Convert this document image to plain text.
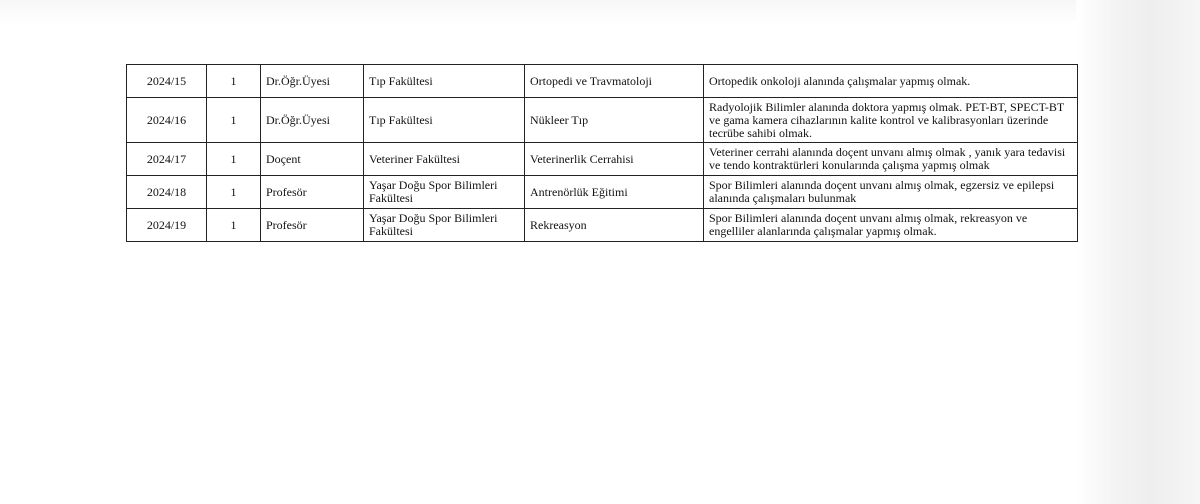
2024/15	1	Dr.Öğr.Üyesi	Tıp Fakültesi	Ortopedi ve Travmatoloji	Ortopedik onkoloji alanında çalışmalar yapmış olmak.
2024/16	1	Dr.Öğr.Üyesi	Tıp Fakültesi	Nükleer Tıp	Radyolojik Bilimler alanında doktora yapmış olmak. PET-BT, SPECT-BT ve gama kamera cihazlarının kalite kontrol ve kalibrasyonları üzerinde tecrübe sahibi olmak.
2024/17	1	Doçent	Veteriner Fakültesi	Veterinerlik Cerrahisi	Veteriner cerrahi alanında doçent unvanı almış olmak , yanık yara tedavisi ve tendo kontraktürleri konularında çalışma yapmış olmak
2024/18	1	Profesör	Yaşar Doğu Spor Bilimleri Fakültesi	Antrenörlük Eğitimi	Spor Bilimleri alanında doçent unvanı almış olmak, egzersiz ve epilepsi alanında çalışmaları bulunmak
2024/19	1	Profesör	Yaşar Doğu Spor Bilimleri Fakültesi	Rekreasyon	Spor Bilimleri alanında doçent unvanı almış olmak, rekreasyon ve engelliler alanlarında çalışmalar yapmış olmak.
